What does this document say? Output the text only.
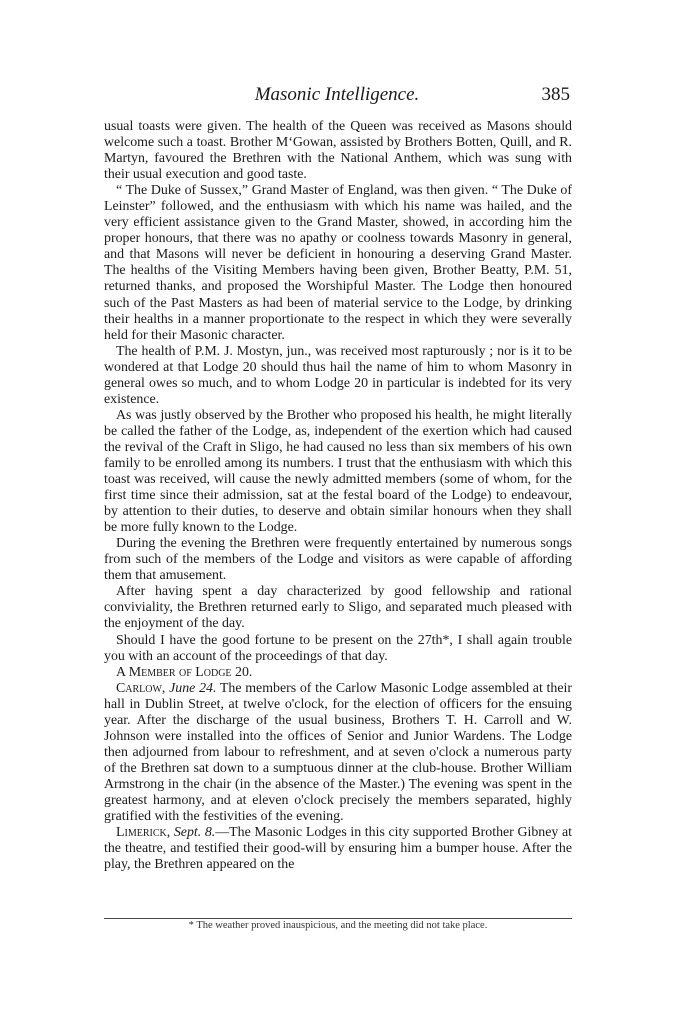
Masonic Intelligence.	385

usual toasts were given. The health of the Queen was received as Masons should welcome such a toast. Brother M‘Gowan, assisted by Brothers Botten, Quill, and R. Martyn, favoured the Brethren with the National Anthem, which was sung with their usual execution and good taste.

“ The Duke of Sussex,” Grand Master of England, was then given. “ The Duke of Leinster” followed, and the enthusiasm with which his name was hailed, and the very efficient assistance given to the Grand Master, showed, in according him the proper honours, that there was no apathy or coolness towards Masonry in general, and that Masons will never be deficient in honouring a deserving Grand Master. The healths of the Visiting Members having been given, Brother Beatty, P.M. 51, returned thanks, and proposed the Worshipful Master. The Lodge then honoured such of the Past Masters as had been of material service to the Lodge, by drinking their healths in a manner proportionate to the respect in which they were severally held for their Masonic character.

The health of P.M. J. Mostyn, jun., was received most rapturously ; nor is it to be wondered at that Lodge 20 should thus hail the name of him to whom Masonry in general owes so much, and to whom Lodge 20 in particular is indebted for its very existence.

As was justly observed by the Brother who proposed his health, he might literally be called the father of the Lodge, as, independent of the exertion which had caused the revival of the Craft in Sligo, he had caused no less than six members of his own family to be enrolled among its numbers. I trust that the enthusiasm with which this toast was received, will cause the newly admitted members (some of whom, for the first time since their admission, sat at the festal board of the Lodge) to endeavour, by attention to their duties, to deserve and obtain similar honours when they shall be more fully known to the Lodge.

During the evening the Brethren were frequently entertained by numerous songs from such of the members of the Lodge and visitors as were capable of affording them that amusement.

After having spent a day characterized by good fellowship and rational conviviality, the Brethren returned early to Sligo, and separated much pleased with the enjoyment of the day.

Should I have the good fortune to be present on the 27th*, I shall again trouble you with an account of the proceedings of that day.

A Member of Lodge 20.

Carlow, June 24. The members of the Carlow Masonic Lodge assembled at their hall in Dublin Street, at twelve o'clock, for the election of officers for the ensuing year. After the discharge of the usual business, Brothers T. H. Carroll and W. Johnson were installed into the offices of Senior and Junior Wardens. The Lodge then adjourned from labour to refreshment, and at seven o'clock a numerous party of the Brethren sat down to a sumptuous dinner at the club-house. Brother William Armstrong in the chair (in the absence of the Master.) The evening was spent in the greatest harmony, and at eleven o'clock precisely the members separated, highly gratified with the festivities of the evening.

Limerick, Sept. 8.—The Masonic Lodges in this city supported Brother Gibney at the theatre, and testified their good-will by ensuring him a bumper house. After the play, the Brethren appeared on the

* The weather proved inauspicious, and the meeting did not take place.
